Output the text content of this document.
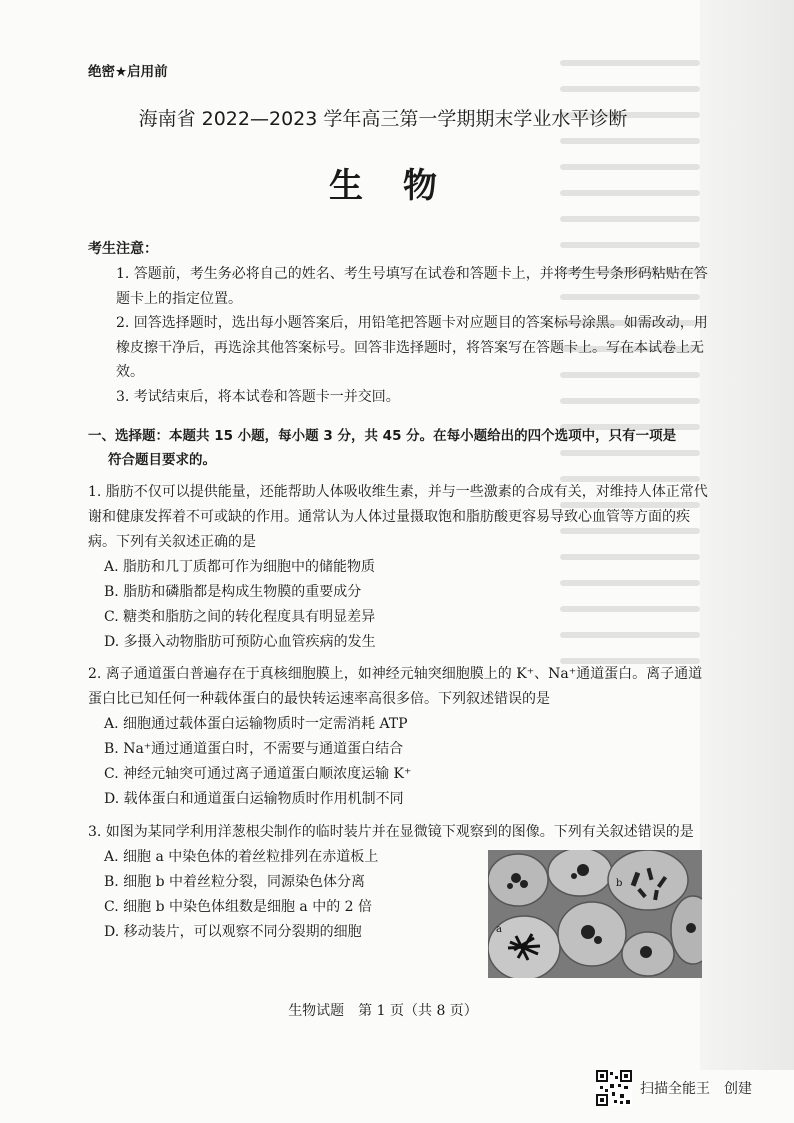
绝密★启用前
海南省 2022—2023 学年高三第一学期期末学业水平诊断
生物
考生注意：

1. 答题前，考生务必将自己的姓名、考生号填写在试卷和答题卡上，并将考生号条形码粘贴在答题卡上的指定位置。

2. 回答选择题时，选出每小题答案后，用铅笔把答题卡对应题目的答案标号涂黑。如需改动，用橡皮擦干净后，再选涂其他答案标号。回答非选择题时，将答案写在答题卡上。写在本试卷上无效。

3. 考试结束后，将本试卷和答题卡一并交回。

一、选择题：本题共 15 小题，每小题 3 分，共 45 分。在每小题给出的四个选项中，只有一项是
符合题目要求的。

1. 脂肪不仅可以提供能量，还能帮助人体吸收维生素，并与一些激素的合成有关，对维持人体正常代谢和健康发挥着不可或缺的作用。通常认为人体过量摄取饱和脂肪酸更容易导致心血管等方面的疾病。下列有关叙述正确的是

A. 脂肪和几丁质都可作为细胞中的储能物质

B. 脂肪和磷脂都是构成生物膜的重要成分

C. 糖类和脂肪之间的转化程度具有明显差异

D. 多摄入动物脂肪可预防心血管疾病的发生

2. 离子通道蛋白普遍存在于真核细胞膜上，如神经元轴突细胞膜上的 K⁺、Na⁺通道蛋白。离子通道蛋白比已知任何一种载体蛋白的最快转运速率高很多倍。下列叙述错误的是

A. 细胞通过载体蛋白运输物质时一定需消耗 ATP

B. Na⁺通过通道蛋白时，不需要与通道蛋白结合

C. 神经元轴突可通过离子通道蛋白顺浓度运输 K⁺

D. 载体蛋白和通道蛋白运输物质时作用机制不同

3. 如图为某同学利用洋葱根尖制作的临时装片并在显微镜下观察到的图像。下列有关叙述错误的是

A. 细胞 a 中染色体的着丝粒排列在赤道板上

B. 细胞 b 中着丝粒分裂，同源染色体分离

C. 细胞 b 中染色体组数是细胞 a 中的 2 倍

D. 移动装片，可以观察不同分裂期的细胞	a
b
生物试题　第 1 页（共 8 页）
扫描全能王　创建
